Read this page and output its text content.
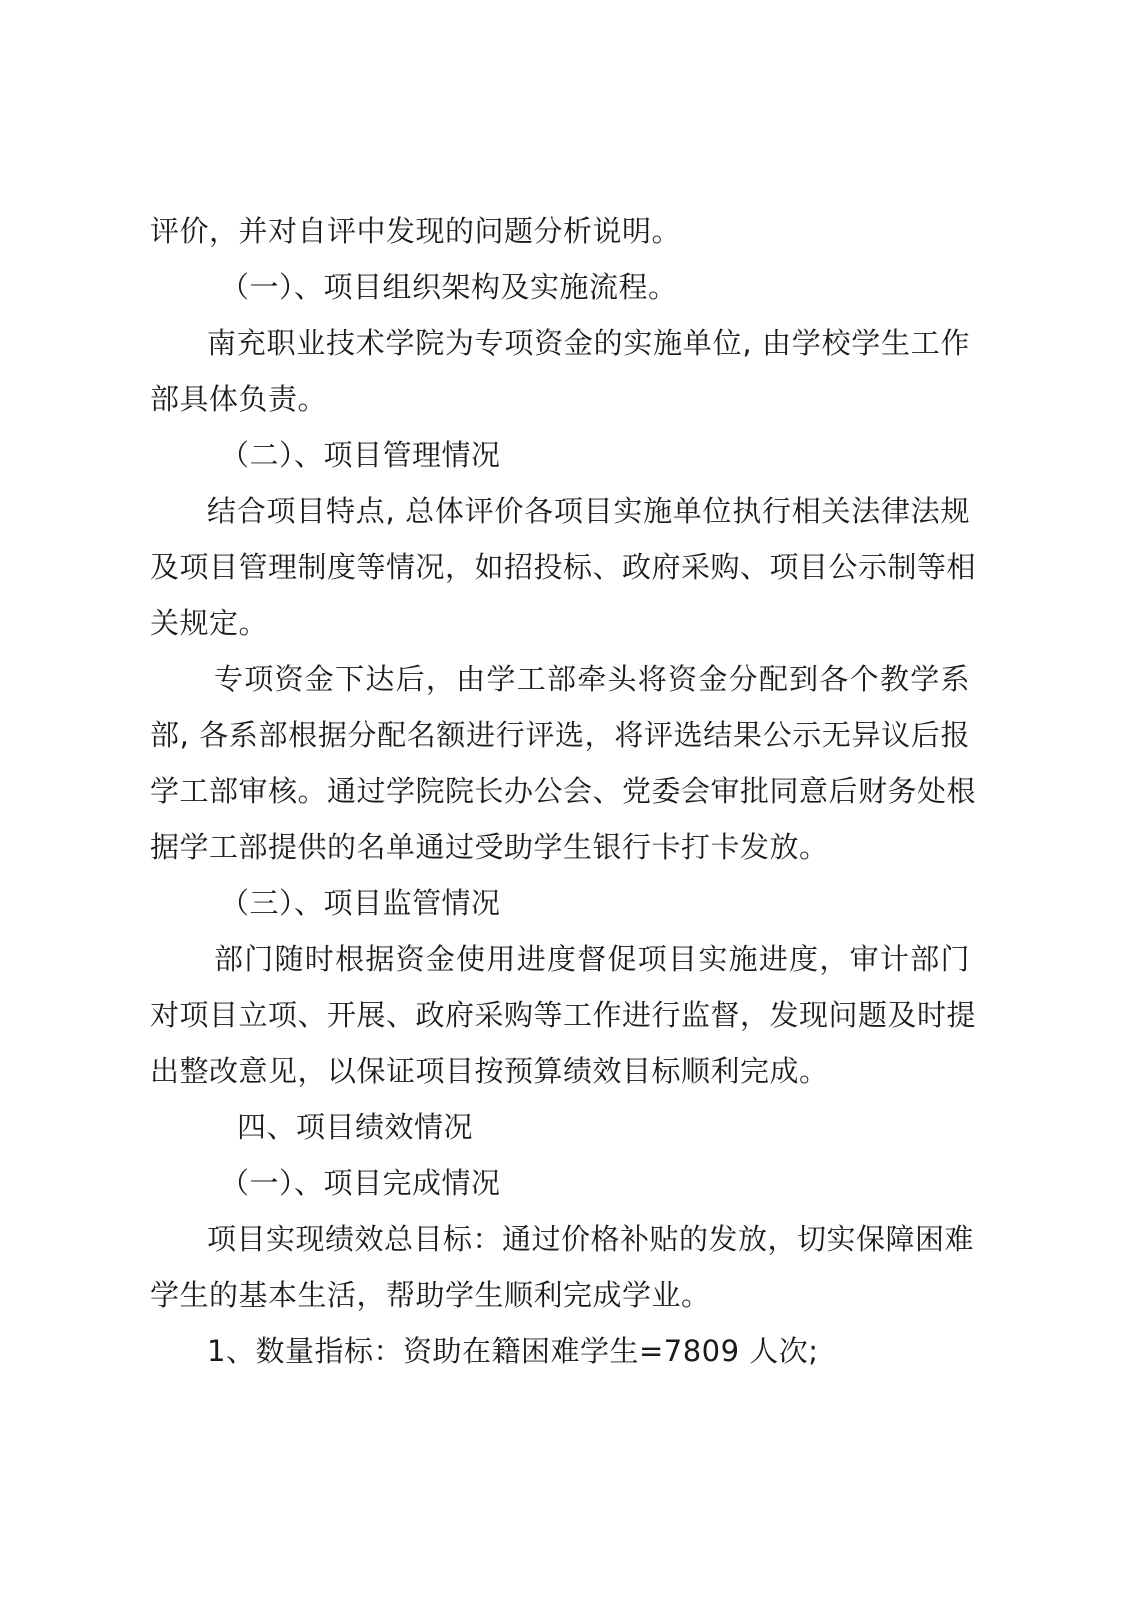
评价，并对自评中发现的问题分析说明。
（一）、项目组织架构及实施流程。
南充职业技术学院为专项资金的实施单位, 由学校学生工作
部具体负责。
（二）、项目管理情况
结合项目特点, 总体评价各项目实施单位执行相关法律法规
及项目管理制度等情况，如招投标、政府采购、项目公示制等相
关规定。
专项资金下达后，由学工部牵头将资金分配到各个教学系
部, 各系部根据分配名额进行评选，将评选结果公示无异议后报
学工部审核。通过学院院长办公会、党委会审批同意后财务处根
据学工部提供的名单通过受助学生银行卡打卡发放。
（三）、项目监管情况
部门随时根据资金使用进度督促项目实施进度，审计部门
对项目立项、开展、政府采购等工作进行监督，发现问题及时提
出整改意见，以保证项目按预算绩效目标顺利完成。
四、项目绩效情况
（一）、项目完成情况
项目实现绩效总目标：通过价格补贴的发放，切实保障困难
学生的基本生活，帮助学生顺利完成学业。
1、数量指标：资助在籍困难学生=7809 人次;
